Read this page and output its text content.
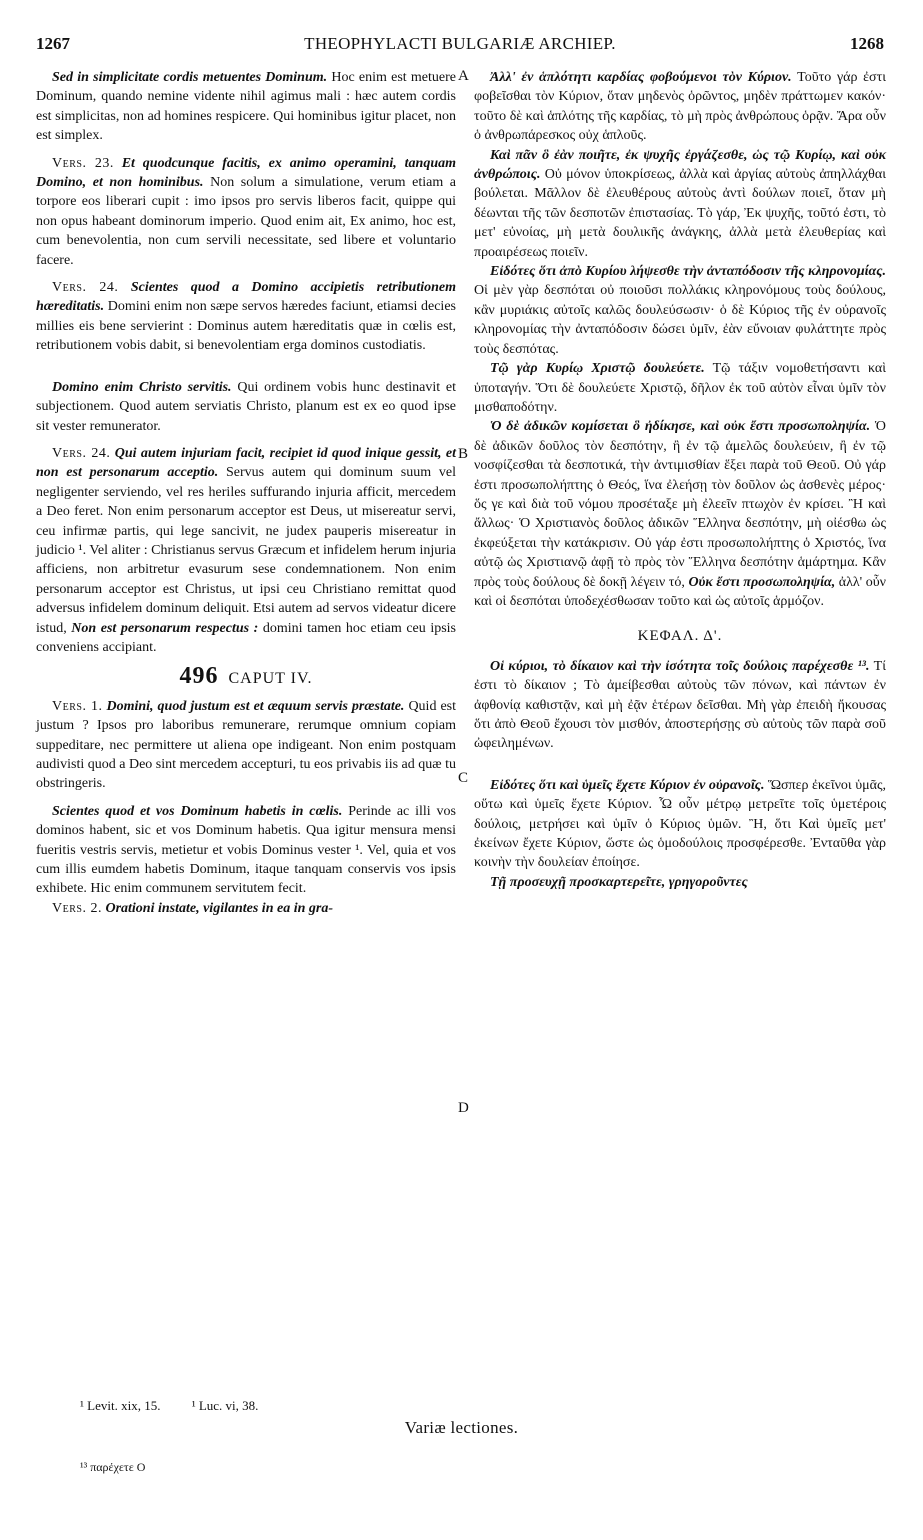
1267	THEOPHYLACTI BULGARIÆ ARCHIEP.	1268
A
B
C
D

Sed in simplicitate cordis metuentes Dominum. Hoc enim est metuere Dominum, quando nemine vidente nihil agimus mali : hæc autem cordis est simplicitas, non ad homines respicere. Qui hominibus igitur placet, non est simplex.

Vers. 23. Et quodcunque facitis, ex animo operamini, tanquam Domino, et non hominibus. Non solum a simulatione, verum etiam a torpore eos liberari cupit : imo ipsos pro servis liberos facit, quippe qui non opus habeant dominorum imperio. Quod enim ait, Ex animo, hoc est, cum benevolentia, non cum servili necessitate, sed libere et voluntario facere.

Vers. 24. Scientes quod a Domino accipietis retributionem hæreditatis. Domini enim non sæpe servos hæredes faciunt, etiamsi decies millies eis bene servierint : Dominus autem hæreditatis quæ in cœlis est, retributionem vobis dabit, si benevolentiam erga dominos custodiatis.

Domino enim Christo servitis. Qui ordinem vobis hunc destinavit et subjectionem. Quod autem serviatis Christo, planum est ex eo quod ipse sit vester remunerator.

Vers. 24. Qui autem injuriam facit, recipiet id quod inique gessit, et non est personarum acceptio. Servus autem qui dominum suum vel negligenter serviendo, vel res heriles suffurando injuria afficit, mercedem a Deo feret. Non enim personarum acceptor est Deus, ut misereatur servi, ceu infirmæ partis, qui lege sancivit, ne judex pauperis misereatur in judicio ¹. Vel aliter : Christianus servus Græcum et infidelem herum injuria afficiens, non arbitretur evasurum sese condemnationem. Non enim personarum acceptor est Christus, ut ipsi ceu Christiano remittat quod adversus infidelem dominum deliquit. Etsi autem ad servos videatur dicere istud, Non est personarum respectus : domini tamen hoc etiam ceu ipsis conveniens accipiant.

496 CAPUT IV.

Vers. 1. Domini, quod justum est et æquum servis præstate. Quid est justum ? Ipsos pro laboribus remunerare, rerumque omnium copiam suppeditare, nec permittere ut aliena ope indigeant. Non enim postquam audivisti quod a Deo sint mercedem accepturi, tu eos privabis iis ad quæ tu obstringeris.

Scientes quod et vos Dominum habetis in cœlis. Perinde ac illi vos dominos habent, sic et vos Dominum habetis. Qua igitur mensura mensi fueritis vestris servis, metietur et vobis Dominus vester ¹. Vel, quia et vos cum illis eumdem habetis Dominum, itaque tanquam conservis vos ipsis exhibete. Hic enim communem servitutem fecit.

Vers. 2. Orationi instate, vigilantes in ea in gra-

Ἀλλ' ἐν ἁπλότητι καρδίας φοβούμενοι τὸν Κύριον. Τοῦτο γάρ ἐστι φοβεῖσθαι τὸν Κύριον, ὅταν μηδενὸς ὁρῶντος, μηδὲν πράττωμεν κακόν· τοῦτο δὲ καὶ ἁπλότης τῆς καρδίας, τὸ μὴ πρὸς ἀνθρώπους ὁρᾷν. Ἄρα οὖν ὁ ἀνθρωπάρεσκος οὐχ ἁπλοῦς.

Καὶ πᾶν ὃ ἐὰν ποιῆτε, ἐκ ψυχῆς ἐργάζεσθε, ὡς τῷ Κυρίῳ, καὶ οὐκ ἀνθρώποις. Οὐ μόνον ὑποκρίσεως, ἀλλὰ καὶ ἀργίας αὐτοὺς ἀπηλλάχθαι βούλεται. Μᾶλλον δὲ ἐλευθέρους αὐτοὺς ἀντὶ δούλων ποιεῖ, ὅταν μὴ δέωνται τῆς τῶν δεσποτῶν ἐπιστασίας. Τὸ γάρ, Ἐκ ψυχῆς, τοῦτό ἐστι, τὸ μετ' εὐνοίας, μὴ μετὰ δουλικῆς ἀνάγκης, ἀλλὰ μετὰ ἐλευθερίας καὶ προαιρέσεως ποιεῖν.

Εἰδότες ὅτι ἀπὸ Κυρίου λήψεσθε τὴν ἀνταπόδοσιν τῆς κληρονομίας. Οἱ μὲν γὰρ δεσπόται οὐ ποιοῦσι πολλάκις κληρονόμους τοὺς δούλους, κἂν μυριάκις αὐτοῖς καλῶς δουλεύσωσιν· ὁ δὲ Κύριος τῆς ἐν οὐρανοῖς κληρονομίας τὴν ἀνταπόδοσιν δώσει ὑμῖν, ἐὰν εὔνοιαν φυλάττητε πρὸς τοὺς δεσπότας.

Τῷ γὰρ Κυρίῳ Χριστῷ δουλεύετε. Τῷ τάξιν νομοθετήσαντι καὶ ὑποταγήν. Ὅτι δὲ δουλεύετε Χριστῷ, δῆλον ἐκ τοῦ αὐτὸν εἶναι ὑμῖν τὸν μισθαποδότην.

Ὁ δὲ ἀδικῶν κομίσεται ὃ ἠδίκησε, καὶ οὐκ ἔστι προσωποληψία. Ὁ δὲ ἀδικῶν δοῦλος τὸν δεσπότην, ἢ ἐν τῷ ἀμελῶς δουλεύειν, ἢ ἐν τῷ νοσφίζεσθαι τὰ δεσποτικά, τὴν ἀντιμισθίαν ἕξει παρὰ τοῦ Θεοῦ. Οὐ γάρ ἐστι προσωπολήπτης ὁ Θεός, ἵνα ἐλεήσῃ τὸν δοῦλον ὡς ἀσθενὲς μέρος· ὅς γε καὶ διὰ τοῦ νόμου προσέταξε μὴ ἐλεεῖν πτωχὸν ἐν κρίσει. Ἢ καὶ ἄλλως· Ὁ Χριστιανὸς δοῦλος ἀδικῶν Ἕλληνα δεσπότην, μὴ οἰέσθω ὡς ἐκφεύξεται τὴν κατάκρισιν. Οὐ γάρ ἐστι προσωπολήπτης ὁ Χριστός, ἵνα αὐτῷ ὡς Χριστιανῷ ἀφῇ τὸ πρὸς τὸν Ἕλληνα δεσπότην ἁμάρτημα. Κἂν πρὸς τοὺς δούλους δὲ δοκῇ λέγειν τό, Οὐκ ἔστι προσωποληψία, ἀλλ' οὖν καὶ οἱ δεσπόται ὑποδεχέσθωσαν τοῦτο καὶ ὡς αὐτοῖς ἁρμόζον.

ΚΕΦΑΛ. Δ'.

Οἱ κύριοι, τὸ δίκαιον καὶ τὴν ἰσότητα τοῖς δούλοις παρέχεσθε ¹³. Τί ἐστι τὸ δίκαιον ; Τὸ ἀμείβεσθαι αὐτοὺς τῶν πόνων, καὶ πάντων ἐν ἀφθονίᾳ καθιστᾷν, καὶ μὴ ἐᾷν ἑτέρων δεῖσθαι. Μὴ γὰρ ἐπειδὴ ἤκουσας ὅτι ἀπὸ Θεοῦ ἔχουσι τὸν μισθόν, ἀποστερήσῃς σὺ αὐτοὺς τῶν παρὰ σοῦ ὠφειλημένων.

Εἰδότες ὅτι καὶ ὑμεῖς ἔχετε Κύριον ἐν οὐρανοῖς. Ὥσπερ ἐκεῖνοι ὑμᾶς, οὕτω καὶ ὑμεῖς ἔχετε Κύριον. Ὧ οὖν μέτρῳ μετρεῖτε τοῖς ὑμετέροις δούλοις, μετρήσει καὶ ὑμῖν ὁ Κύριος ὑμῶν. Ἢ, ὅτι Καὶ ὑμεῖς μετ' ἐκείνων ἔχετε Κύριον, ὥστε ὡς ὁμοδούλοις προσφέρεσθε. Ἐνταῦθα γὰρ κοινὴν τὴν δουλείαν ἐποίησε.

Τῇ προσευχῇ προσκαρτερεῖτε, γρηγοροῦντες

¹ Levit. xix, 15. ¹ Luc. vi, 38.
Variæ lectiones.
¹³ παρέχετε O
